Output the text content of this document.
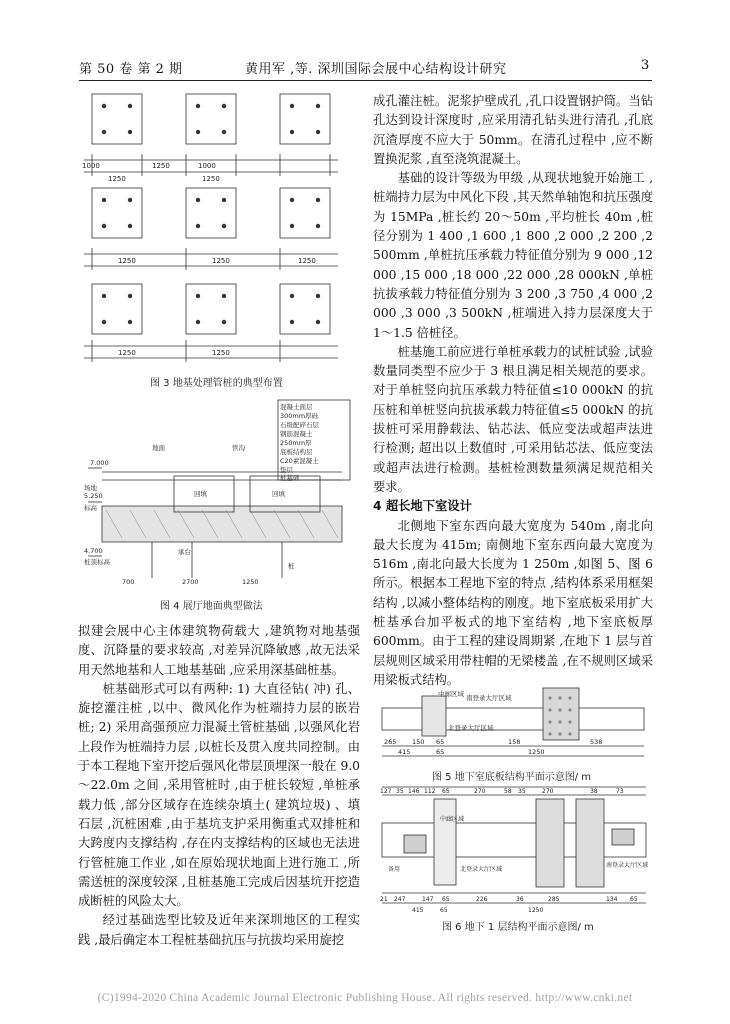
第 50 卷 第 2 期	黄用军 ,等. 深圳国际会展中心结构设计研究	3
1000	1250	1000
1250	1250
1250	1250	1250
1250	1250
图 3 地基处理管桩的典型布置
混凝土面层
300mm厚砾
石级配碎石层
钢筋混凝土
250mm厚
底板结构层
C20素混凝土
垫层
桩基础
7.000
5.250
场地
标高
4.700
桩顶标高
地面	管沟
回填	回填
桩
承台
700	2700	1250
图 4 展厅地面典型做法

拟建会展中心主体建筑物荷载大 ,建筑物对地基强度、沉降量的要求较高 ,对差异沉降敏感 ,故无法采用天然地基和人工地基基础 ,应采用深基础桩基。

桩基础形式可以有两种: 1) 大直径钻( 冲) 孔、旋挖灌注桩 ,以中、微风化作为桩端持力层的嵌岩桩; 2) 采用高强预应力混凝土管桩基础 ,以强风化岩上段作为桩端持力层 ,以桩长及贯入度共同控制。由于本工程地下室开挖后强风化带层顶埋深一般在 9.0～22.0m 之间 ,采用管桩时 ,由于桩长较短 ,单桩承载力低 ,部分区域存在连续杂填土( 建筑垃圾) 、填石层 ,沉桩困难 ,由于基坑支护采用衡重式双排桩和大跨度内支撑结构 ,存在内支撑结构的区域也无法进行管桩施工作业 ,如在原始现状地面上进行施工 ,所需送桩的深度较深 ,且桩基施工完成后因基坑开挖造成断桩的风险太大。

经过基础选型比较及近年来深圳地区的工程实践 ,最后确定本工程桩基础抗压与抗拔均采用旋挖

成孔灌注桩。泥浆护壁成孔 ,孔口设置钢护筒。当钻孔达到设计深度时 ,应采用清孔钻头进行清孔 ,孔底沉渣厚度不应大于 50mm。在清孔过程中 ,应不断置换泥浆 ,直至浇筑混凝土。

基础的设计等级为甲级 ,从现状地貌开始施工 ,桩端持力层为中风化下段 ,其天然单轴饱和抗压强度为 15MPa ,桩长约 20～50m ,平均桩长 40m ,桩径分别为 1 400 ,1 600 ,1 800 ,2 000 ,2 200 ,2 500mm ,单桩抗压承载力特征值分别为 9 000 ,12 000 ,15 000 ,18 000 ,22 000 ,28 000kN ,单桩抗拔承载力特征值分别为 3 200 ,3 750 ,4 000 ,2 000 ,3 000 ,3 500kN ,桩端进入持力层深度大于 1～1.5 倍桩径。

桩基施工前应进行单桩承载力的试桩试验 ,试验数量同类型不应少于 3 根且满足相关规范的要求。对于单桩竖向抗压承载力特征值≤10 000kN 的抗压桩和单桩竖向抗拔承载力特征值≤5 000kN 的抗拔桩可采用静载法、钻芯法、低应变法或超声法进行检测; 超出以上数值时 ,可采用钻芯法、低应变法或超声法进行检测。基桩检测数量须满足规范相关要求。

4 超长地下室设计

北侧地下室东西向最大宽度为 540m ,南北向最大长度为 415m; 南侧地下室东西向最大宽度为 516m ,南北向最大长度为 1 250m ,如图 5、图 6 所示。根据本工程地下室的特点 ,结构体系采用框架结构 ,以减小整体结构的刚度。地下室底板采用扩大桩基承台加平板式的地下室结构 ,地下室底板厚 600mm。由于工程的建设周期紧 ,在地下 1 层与首层规则区域采用带柱帽的无梁楼盖 ,在不规则区域采用梁板式结构。

中廊区域 南登录大厅区域
北登录大厅区域
265 150 65	158	538
415	65	1250
图 5 地下室底板结构平面示意图/ m
127 35 146 112 65	270	58 35	270	38	73
中廊区域
北登录大厅区域
南登录大厅区域
备用
21 247	147 65	226	36	285	134 65
415	65	1250
图 6 地下 1 层结构平面示意图/ m
(C)1994-2020 China Academic Journal Electronic Publishing House. All rights reserved. http://www.cnki.net
